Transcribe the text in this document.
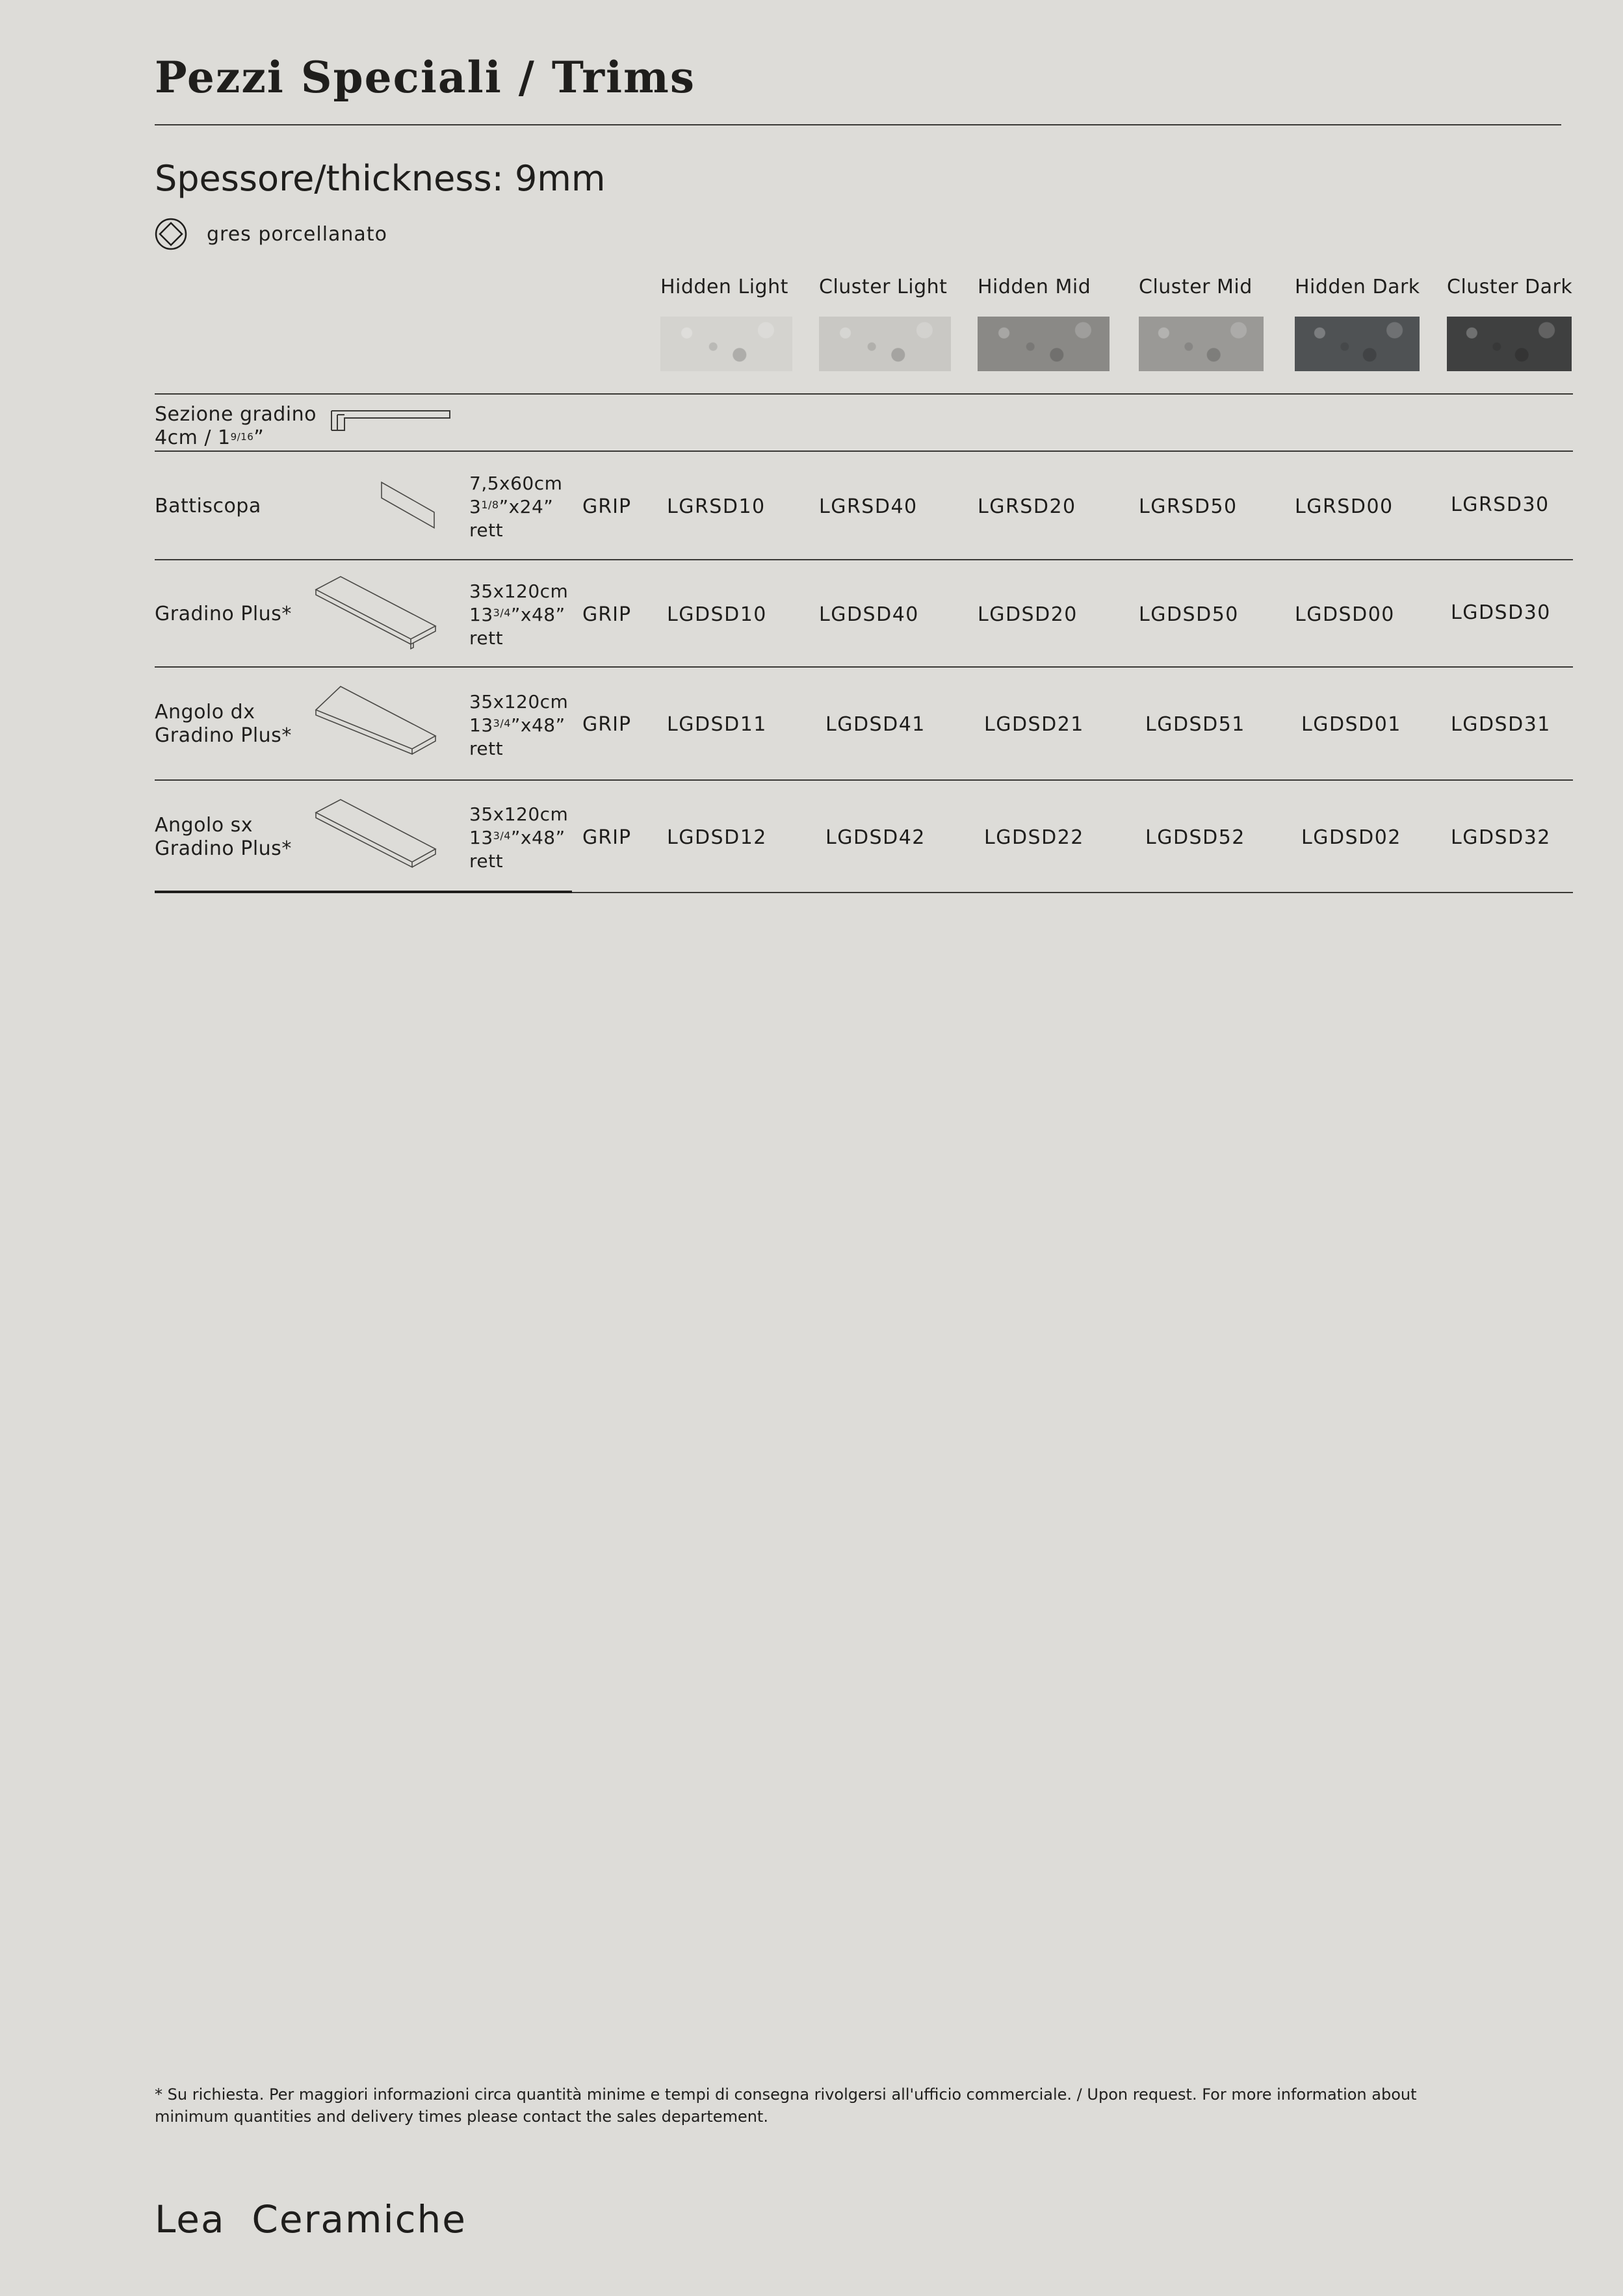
Pezzi Speciali / Trims
Spessore/thickness: 9mm
gres porcellanato
Hidden Light Cluster Light Hidden Mid Cluster Mid Hidden Dark Cluster Dark
Sezione gradino
$4cm / 1^{9/16}$”
Battiscopa
7,5x60cm
$3^{1/8}”x24$”
rett
GRIP LGRSD10	LGRSD40	LGRSD20	LGRSD50	LGRSD00	LGRSD30
Gradino Plus*
35x120cm
$13^{3/4}”x48$”
rett
GRIP LGDSD10	LGDSD40	LGDSD20	LGDSD50	LGDSD00	LGDSD30
Angolo dx
Gradino Plus*
35x120cm
$13^{3/4}”x48$”
rett
GRIP LGDSD11	LGDSD41	LGDSD21	LGDSD51	LGDSD01	LGDSD31
Angolo sx
Gradino Plus*
35x120cm
$13^{3/4}”x48$”
rett
GRIP LGDSD12	LGDSD42	LGDSD22	LGDSD52	LGDSD02	LGDSD32
* Su richiesta. Per maggiori informazioni circa quantità minime e tempi di consegna rivolgersi all'ufficio commerciale. / Upon request. For more information about minimum quantities and delivery times please contact the sales departement.
Lea  Ceramiche
